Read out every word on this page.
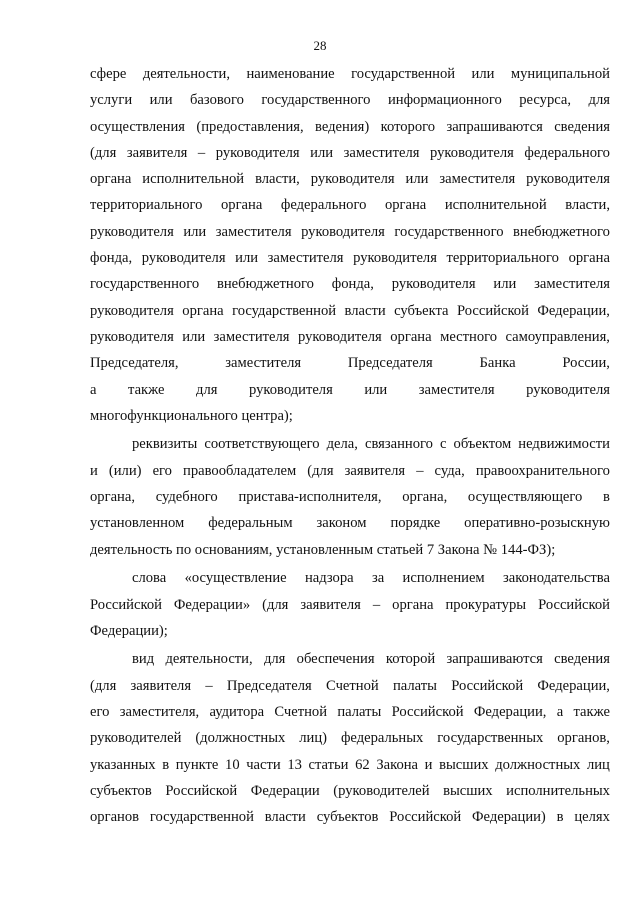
28
сфере деятельности, наименование государственной или муниципальной
услуги или базового государственного информационного ресурса, для
осуществления (предоставления, ведения) которого запрашиваются сведения
(для заявителя – руководителя или заместителя руководителя федерального
органа исполнительной власти, руководителя или заместителя руководителя
территориального органа федерального органа исполнительной власти,
руководителя или заместителя руководителя государственного внебюджетного
фонда, руководителя или заместителя руководителя территориального органа
государственного внебюджетного фонда, руководителя или заместителя
руководителя органа государственной власти субъекта Российской Федерации,
руководителя или заместителя руководителя органа местного самоуправления,
Председателя,	заместителя	Председателя	Банка	России,
а также для руководителя или заместителя руководителя
многофункционального центра);
реквизиты соответствующего дела, связанного с объектом недвижимости
и (или) его правообладателем (для заявителя – суда, правоохранительного
органа, судебного пристава-исполнителя, органа, осуществляющего в
установленном федеральным законом порядке оперативно-розыскную
деятельность по основаниям, установленным статьей 7 Закона № 144-ФЗ);
слова «осуществление надзора за исполнением законодательства
Российской Федерации» (для заявителя – органа прокуратуры Российской
Федерации);
вид деятельности, для обеспечения которой запрашиваются сведения
(для заявителя – Председателя Счетной палаты Российской Федерации,
его заместителя, аудитора Счетной палаты Российской Федерации, а также
руководителей (должностных лиц) федеральных государственных органов,
указанных в пункте 10 части 13 статьи 62 Закона и высших должностных лиц
субъектов Российской Федерации (руководителей высших исполнительных
органов государственной власти субъектов Российской Федерации) в целях
